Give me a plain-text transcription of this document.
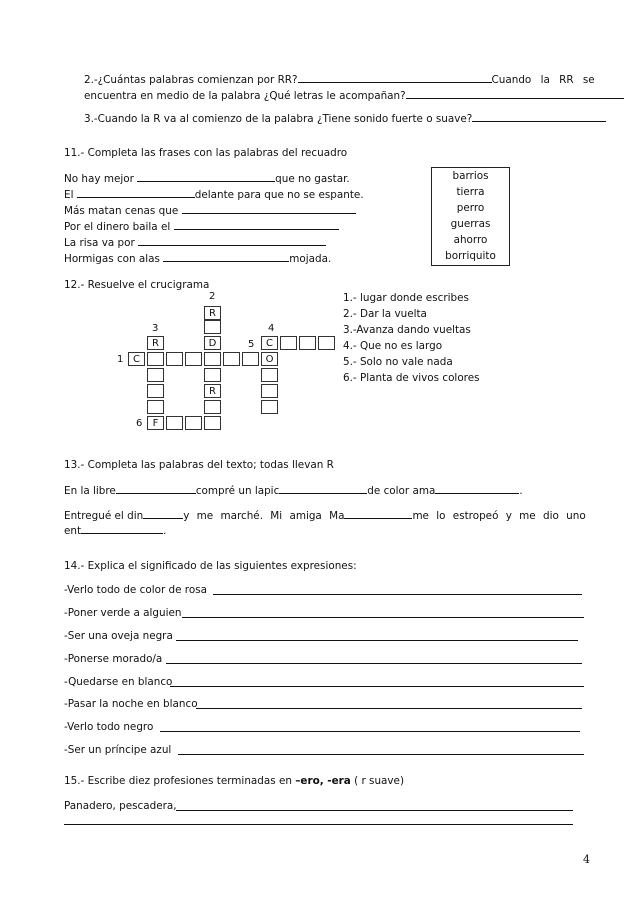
2.-¿Cuántas palabras comienzan por RR?	Cuando la RR se
encuentra en medio de la palabra ¿Qué letras le acompañan?
3.-Cuando la R va al comienzo de la palabra ¿Tiene sonido fuerte o suave?
11.- Completa las frases con las palabras del recuadro
No hay mejor	que no gastar.
El	delante para que no se espante.
Más matan cenas que
Por el dinero baila el
La risa va por
Hormigas con alas	mojada.
barrios
tierra
perro
guerras
ahorro
borriquito
12.- Resuelve el crucigrama
2
3	4
5
1
6
R
D
R
R
F
C
C
O
1.- lugar donde escribes
2.- Dar la vuelta
3.-Avanza dando vueltas
4.- Que no es largo
5.- Solo no vale nada
6.- Planta de vivos colores
13.- Completa las palabras del texto; todas llevan R
En la libre	compré un lapic	de color ama	.
Entregué el din	y me marché. Mi amiga Ma	me lo estropeó y me dio uno
ent	.
14.- Explica el significado de las siguientes expresiones:
-Verlo todo de color de rosa
-Poner verde a alguien
-Ser una oveja negra
-Ponerse morado/a
-Quedarse en blanco
-Pasar la noche en blanco
-Verlo todo negro
-Ser un príncipe azul
15.- Escribe diez profesiones terminadas en –ero, -era ( r suave)
Panadero, pescadera,
4
